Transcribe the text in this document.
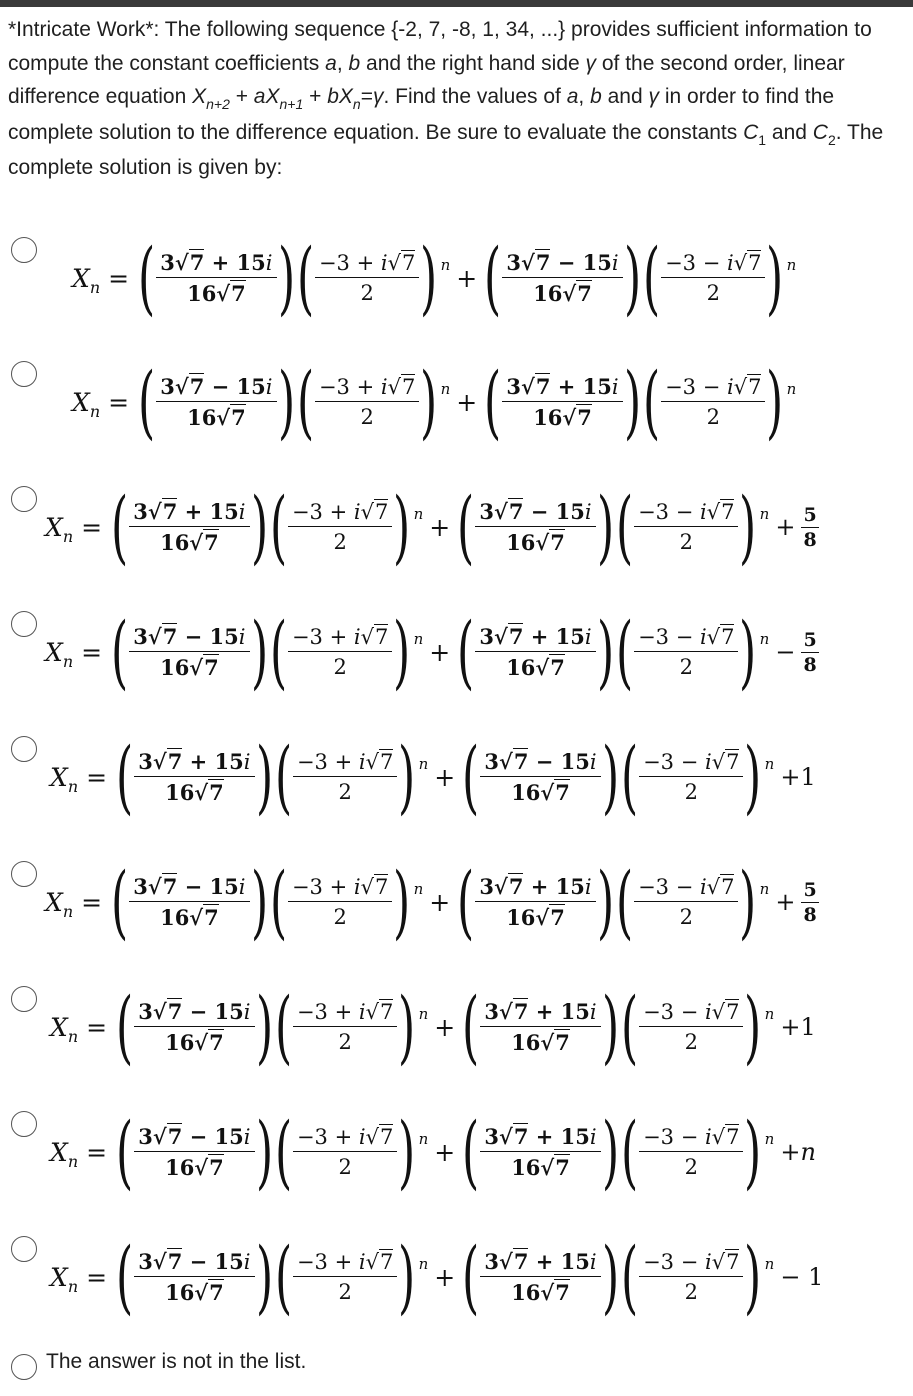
*Intricate Work*: The following sequence {-2, 7, -8, 1, 34, ...} provides sufficient information to compute the constant coefficients a, b and the right hand side γ of the second order, linear difference equation $X_{n+2} + aX_{n+1} + bX_n=\gamma$. Find the values of a, b and γ in order to find the complete solution to the difference equation. Be sure to evaluate the constants $C_1$ and $C_2$. The complete solution is given by:
$X_n$ = ( $\frac{3√7 + 15i}{16√7}$ ) ( $\frac{-3 + i√7}{2}$ ) n + ( $\frac{3√7 - 15i}{16√7}$ ) ( $\frac{-3 - i√7}{2}$ ) n
$X_n$ = ( $\frac{3√7 - 15i}{16√7}$ ) ( $\frac{-3 + i√7}{2}$ ) n + ( $\frac{3√7 + 15i}{16√7}$ ) ( $\frac{-3 - i√7}{2}$ ) n
$X_n$ = ( $\frac{3√7 + 15i}{16√7}$ ) ( $\frac{-3 + i√7}{2}$ ) n + ( $\frac{3√7 - 15i}{16√7}$ ) ( $\frac{-3 - i√7}{2}$ ) $n + \frac{5}{8}$
$X_n$ = ( $\frac{3√7 - 15i}{16√7}$ ) ( $\frac{-3 + i√7}{2}$ ) n + ( $\frac{3√7 + 15i}{16√7}$ ) ( $\frac{-3 - i√7}{2}$ ) $n - \frac{5}{8}$
$X_n$ = ( $\frac{3√7 + 15i}{16√7}$ ) ( $\frac{-3 + i√7}{2}$ ) n + ( $\frac{3√7 - 15i}{16√7}$ ) ( $\frac{-3 - i√7}{2}$ ) n +1
$X_n$ = ( $\frac{3√7 - 15i}{16√7}$ ) ( $\frac{-3 + i√7}{2}$ ) n + ( $\frac{3√7 + 15i}{16√7}$ ) ( $\frac{-3 - i√7}{2}$ ) $n + \frac{5}{8}$
$X_n$ = ( $\frac{3√7 - 15i}{16√7}$ ) ( $\frac{-3 + i√7}{2}$ ) n + ( $\frac{3√7 + 15i}{16√7}$ ) ( $\frac{-3 - i√7}{2}$ ) n +1
$X_n$ = ( $\frac{3√7 - 15i}{16√7}$ ) ( $\frac{-3 + i√7}{2}$ ) n + ( $\frac{3√7 + 15i}{16√7}$ ) ( $\frac{-3 - i√7}{2}$ ) n + n
$X_n$ = ( $\frac{3√7 - 15i}{16√7}$ ) ( $\frac{-3 + i√7}{2}$ ) n + ( $\frac{3√7 + 15i}{16√7}$ ) ( $\frac{-3 - i√7}{2}$ ) n − 1
The answer is not in the list.
